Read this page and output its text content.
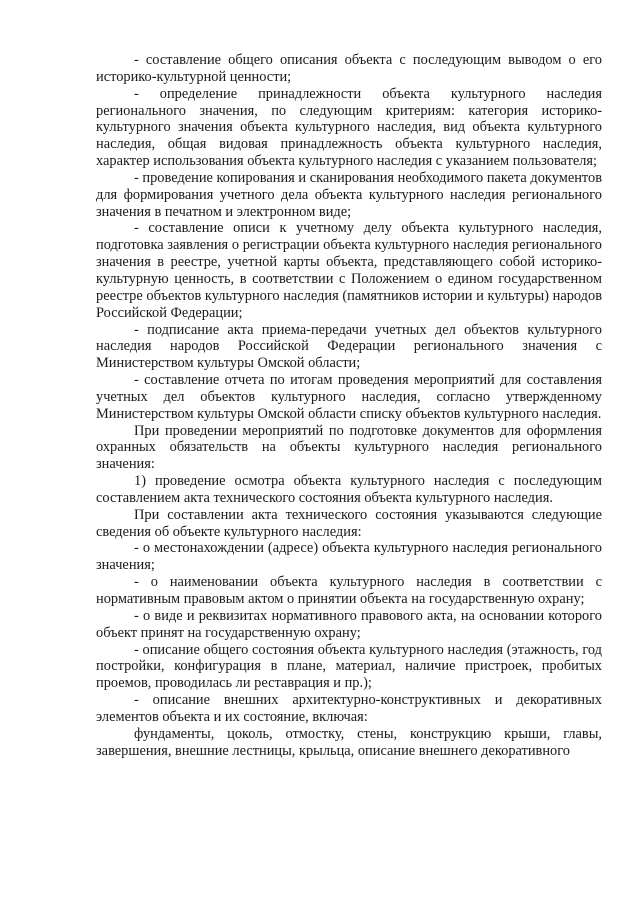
- составление общего описания объекта с последующим выводом о его историко-культурной ценности;

- определение принадлежности объекта культурного наследия регионального значения, по следующим критериям: категория историко-культурного значения объекта культурного наследия, вид объекта культурного наследия, общая видовая принадлежность объекта культурного наследия, характер использования объекта культурного наследия с указанием пользователя;

- проведение копирования и сканирования необходимого пакета документов для формирования учетного дела объекта культурного наследия регионального значения в печатном и электронном виде;

- составление описи к учетному делу объекта культурного наследия, подготовка заявления о регистрации объекта культурного наследия регионального значения в реестре, учетной карты объекта, представляющего собой историко-культурную ценность, в соответствии с Положением о едином государственном реестре объектов культурного наследия (памятников истории и культуры) народов Российской Федерации;

- подписание акта приема-передачи учетных дел объектов культурного наследия народов Российской Федерации регионального значения с Министерством культуры Омской области;

- составление отчета по итогам проведения мероприятий для составления учетных дел объектов культурного наследия, согласно утвержденному Министерством культуры Омской области списку объектов культурного наследия.

При проведении мероприятий по подготовке документов для оформления охранных обязательств на объекты культурного наследия регионального значения:

1) проведение осмотра объекта культурного наследия с последующим составлением акта технического состояния объекта культурного наследия.

При составлении акта технического состояния указываются следующие сведения об объекте культурного наследия:

- о местонахождении (адресе) объекта культурного наследия регионального значения;

- о наименовании объекта культурного наследия в соответствии с нормативным правовым актом о принятии объекта на государственную охрану;

- о виде и реквизитах нормативного правового акта, на основании которого объект принят на государственную охрану;

- описание общего состояния объекта культурного наследия (этажность, год постройки, конфигурация в плане, материал, наличие пристроек, пробитых проемов, проводилась ли реставрация и пр.);

- описание внешних архитектурно-конструктивных и декоративных элементов объекта и их состояние, включая:

фундаменты, цоколь, отмостку, стены, конструкцию крыши, главы, завершения, внешние лестницы, крыльца, описание внешнего декоративного
